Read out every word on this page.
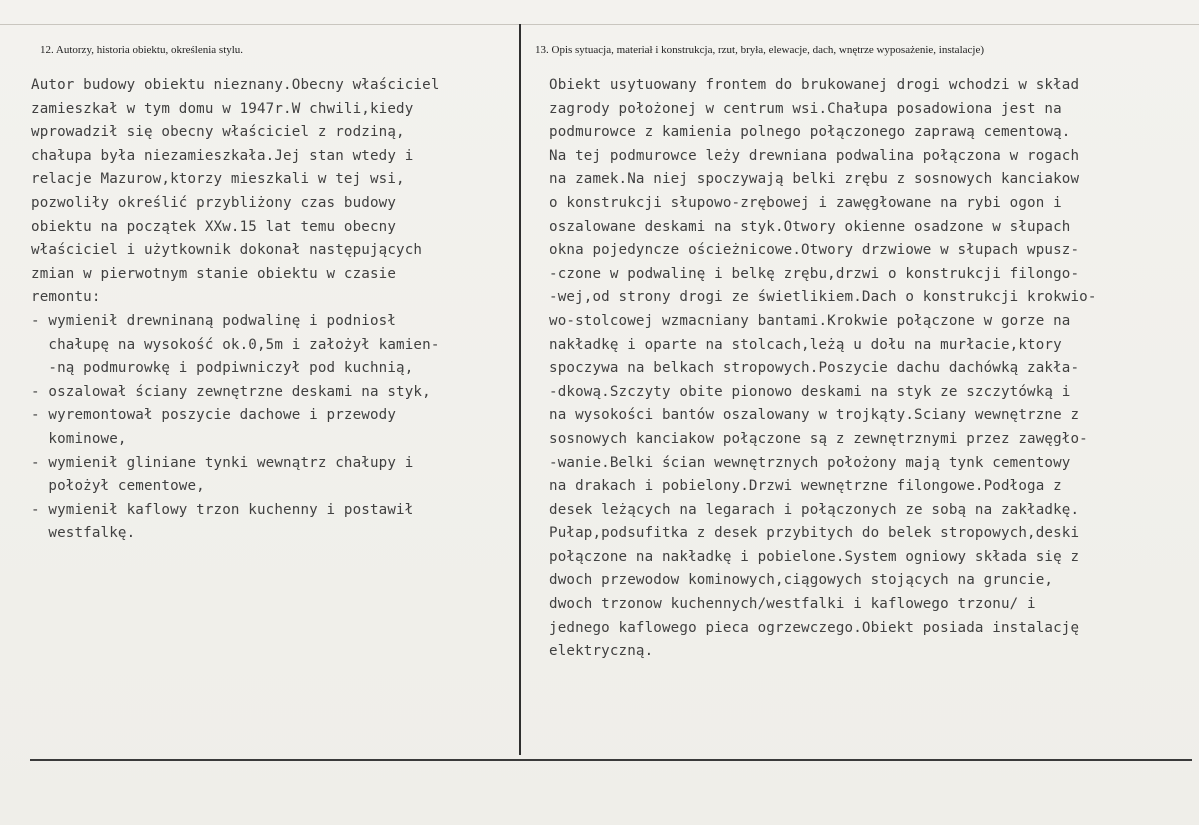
12. Autorzy, historia obiektu, określenia stylu.	13. Opis sytuacja, materiał i konstrukcja, rzut, bryła, elewacje, dach, wnętrze wyposażenie, instalacje)
Autor budowy obiektu nieznany.Obecny właściciel
zamieszkał w tym domu w 1947r.W chwili,kiedy
wprowadził się obecny właściciel z rodziną,
chałupa była niezamieszkała.Jej stan wtedy i
relacje Mazurow,ktorzy mieszkali w tej wsi,
pozwoliły określić przybliżony czas budowy
obiektu na początek XXw.15 lat temu obecny
właściciel i użytkownik dokonał następujących
zmian w pierwotnym stanie obiektu w czasie
remontu:
- wymienił drewninaną podwalinę i podniosł
chałupę na wysokość ok.0,5m i założył kamien-
-ną podmurowkę i podpiwniczył pod kuchnią,
- oszalował ściany zewnętrzne deskami na styk,
- wyremontował poszycie dachowe i przewody
kominowe,
- wymienił gliniane tynki wewnątrz chałupy i
położył cementowe,
- wymienił kaflowy trzon kuchenny i postawił
westfalkę.
Obiekt usytuowany frontem do brukowanej drogi wchodzi w skład
zagrody położonej w centrum wsi.Chałupa posadowiona jest na
podmurowce z kamienia polnego połączonego zaprawą cementową.
Na tej podmurowce leży drewniana podwalina połączona w rogach
na zamek.Na niej spoczywają belki zrębu z sosnowych kanciakow
o konstrukcji słupowo-zrębowej i zawęgłowane na rybi ogon i
oszalowane deskami na styk.Otwory okienne osadzone w słupach
okna pojedyncze ościeżnicowe.Otwory drzwiowe w słupach wpusz-
-czone w podwalinę i belkę zrębu,drzwi o konstrukcji filongo-
-wej,od strony drogi ze świetlikiem.Dach o konstrukcji krokwio-
wo-stolcowej wzmacniany bantami.Krokwie połączone w gorze na
nakładkę i oparte na stolcach,leżą u dołu na murłacie,ktory
spoczywa na belkach stropowych.Poszycie dachu dachówką zakła-
-dkową.Szczyty obite pionowo deskami na styk ze szczytówką i
na wysokości bantów oszalowany w trojkąty.Sciany wewnętrzne z
sosnowych kanciakow połączone są z zewnętrznymi przez zawęgło-
-wanie.Belki ścian wewnętrznych położony mają tynk cementowy
na drakach i pobielony.Drzwi wewnętrzne filongowe.Podłoga z
desek leżących na legarach i połączonych ze sobą na zakładkę.
Pułap,podsufitka z desek przybitych do belek stropowych,deski
połączone na nakładkę i pobielone.System ogniowy składa się z
dwoch przewodow kominowych,ciągowych stojących na gruncie,
dwoch trzonow kuchennych/westfalki i kaflowego trzonu/ i
jednego kaflowego pieca ogrzewczego.Obiekt posiada instalację
elektryczną.
